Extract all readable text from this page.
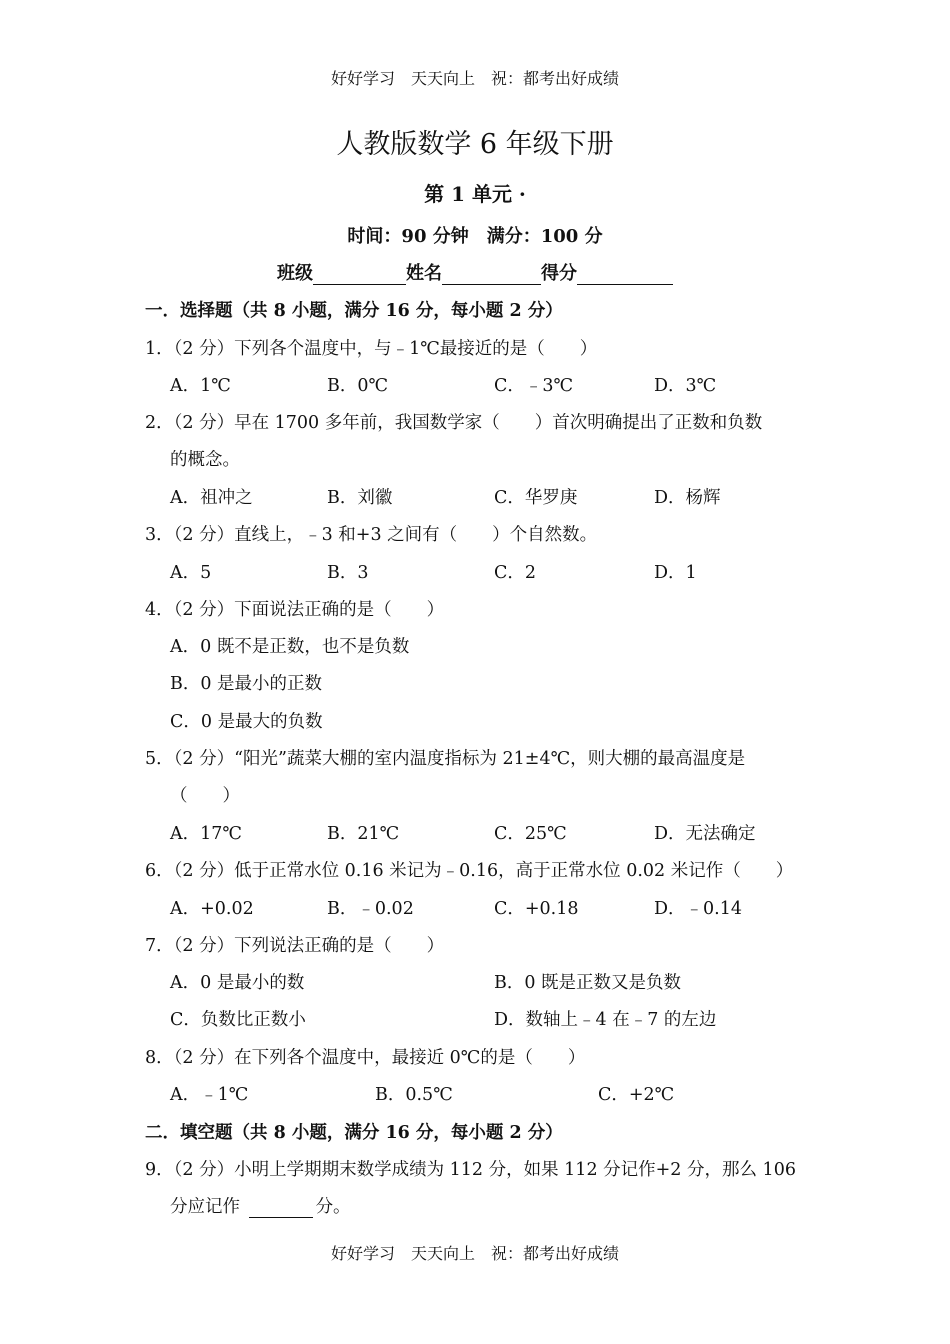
好好学习　天天向上　祝：都考出好成绩
人教版数学 6 年级下册
第 1 单元 ·
时间：90 分钟　满分：100 分
班级	姓名	得分
一．选择题（共 8 小题，满分 16 分，每小题 2 分）
1．（2 分）下列各个温度中，与﹣1℃最接近的是（　　）
A．1℃	B．0℃	C．﹣3℃	D．3℃
2．（2 分）早在 1700 多年前，我国数学家（　　）首次明确提出了正数和负数
的概念。
A．祖冲之	B．刘徽	C．华罗庚	D．杨辉
3．（2 分）直线上，﹣3 和+3 之间有（　　）个自然数。
A．5	B．3	C．2	D．1
4．（2 分）下面说法正确的是（　　）
A．0 既不是正数，也不是负数
B．0 是最小的正数
C．0 是最大的负数
5．（2 分）“阳光”蔬菜大棚的室内温度指标为 21±4℃，则大棚的最高温度是
（　　）
A．17℃	B．21℃	C．25℃	D．无法确定
6．（2 分）低于正常水位 0.16 米记为﹣0.16，高于正常水位 0.02 米记作（　　）
A．+0.02	B．﹣0.02	C．+0.18	D．﹣0.14
7．（2 分）下列说法正确的是（　　）
A．0 是最小的数	B．0 既是正数又是负数
C．负数比正数小	D．数轴上﹣4 在﹣7 的左边
8．（2 分）在下列各个温度中，最接近 0℃的是（　　）
A．﹣1℃	B．0.5℃	C．+2℃
二．填空题（共 8 小题，满分 16 分，每小题 2 分）
9．（2 分）小明上学期期末数学成绩为 112 分，如果 112 分记作+2 分，那么 106
分应记作	分。
好好学习　天天向上　祝：都考出好成绩
